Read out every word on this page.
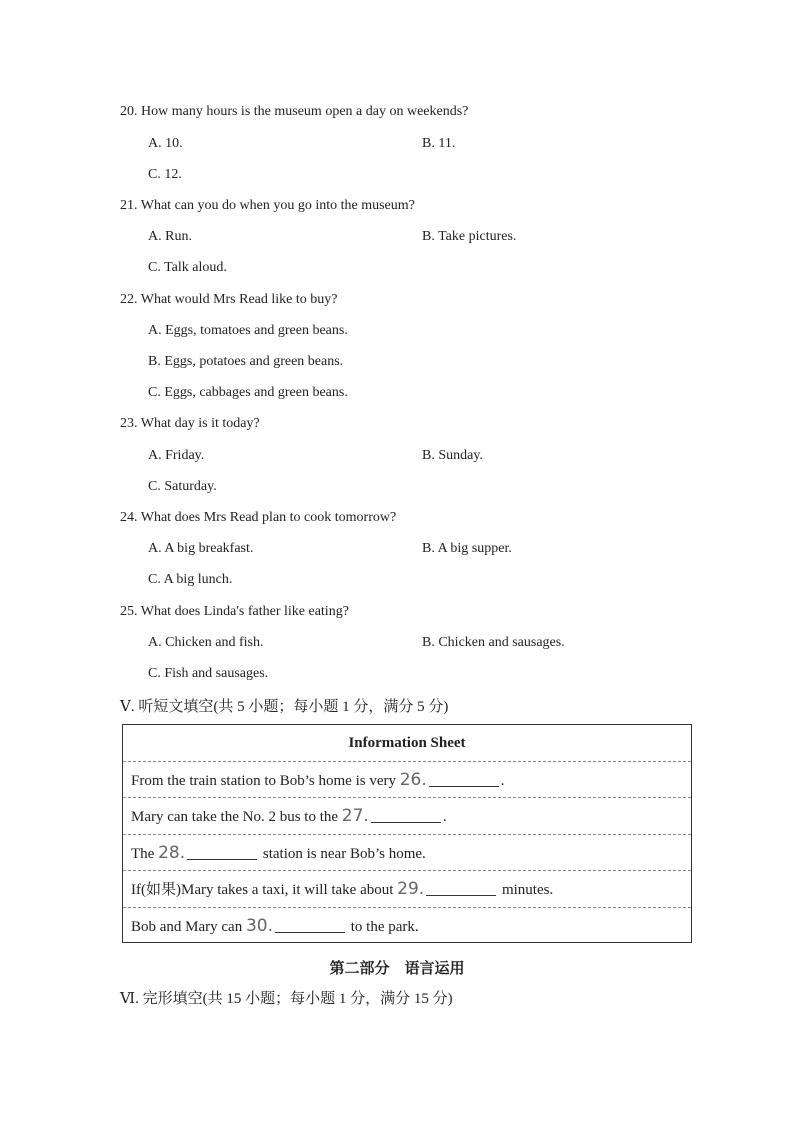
20. How many hours is the museum open a day on weekends?
A. 10.	B. 11.
C. 12.
21. What can you do when you go into the museum?
A. Run.	B. Take pictures.
C. Talk aloud.
22. What would Mrs Read like to buy?
A. Eggs, tomatoes and green beans.
B. Eggs, potatoes and green beans.
C. Eggs, cabbages and green beans.
23. What day is it today?
A. Friday.	B. Sunday.
C. Saturday.
24. What does Mrs Read plan to cook tomorrow?
A. A big breakfast.	B. A big supper.
C. A big lunch.
25. What does Linda's father like eating?
A. Chicken and fish.	B. Chicken and sausages.
C. Fish and sausages.
Ⅴ. 听短文填空(共 5 小题；每小题 1 分，满分 5 分)
Information Sheet
From the train station to Bob’s home is very 26.	.
Mary can take the No. 2 bus to the 27.	.
The 28.	station is near Bob’s home.
If(如果)Mary takes a taxi, it will take about 29.	minutes.
Bob and Mary can 30.	to the park.
第二部分　语言运用
Ⅵ. 完形填空(共 15 小题；每小题 1 分，满分 15 分)
